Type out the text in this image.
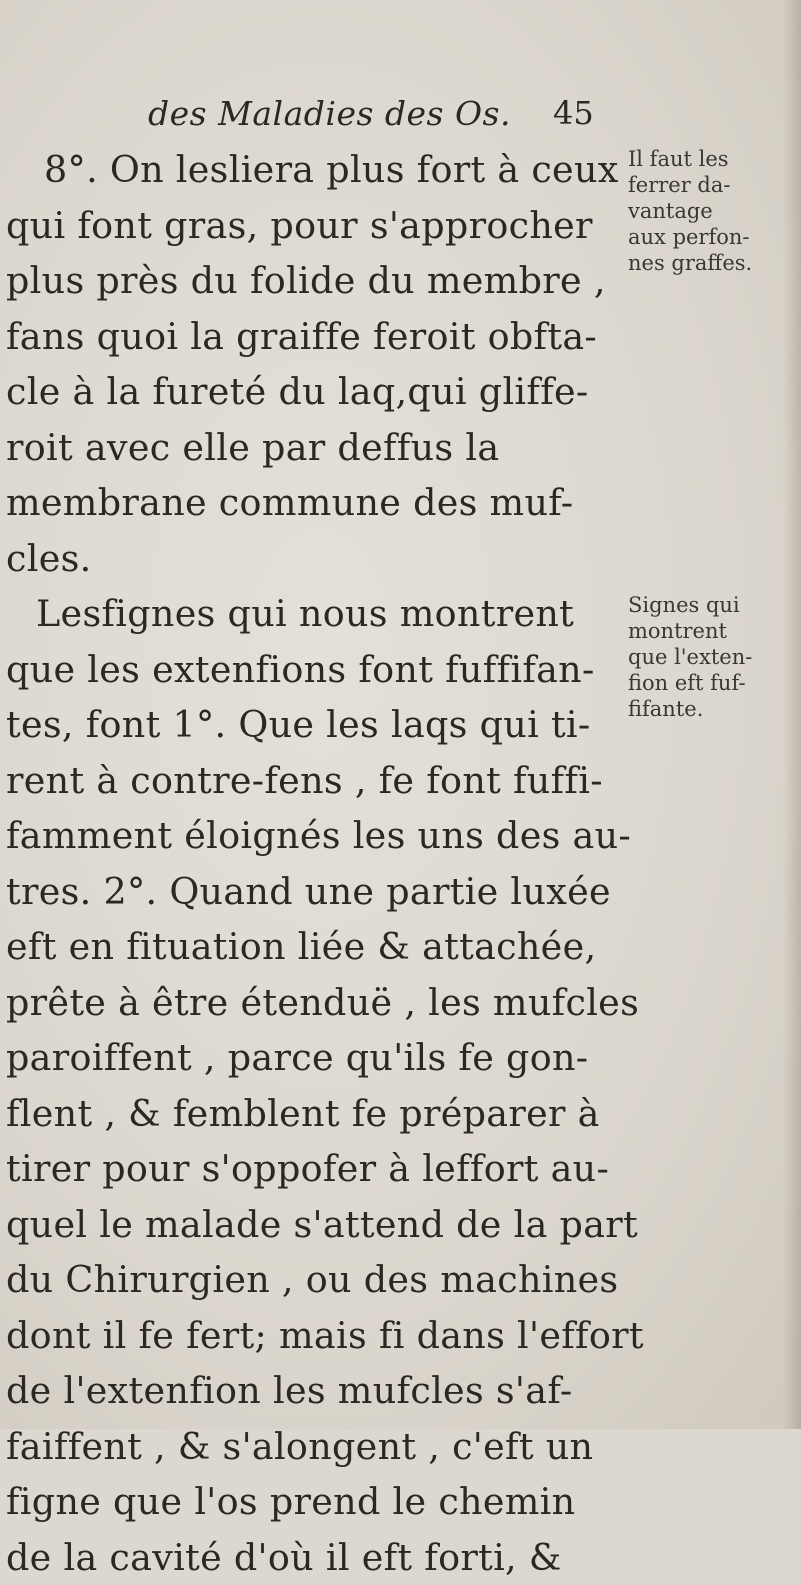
des Maladies des Os. 45
8°. On lesliera plus fort à ceux
qui font gras, pour s'approcher
plus près du folide du membre ,
fans quoi la graiffe feroit obfta-
cle à la fureté du laq,qui gliffe-
roit avec elle par deffus la
membrane commune des muf-
cles.
Lesfignes qui nous montrent
que les extenfions font fuffifan-
tes, font 1°. Que les laqs qui ti-
rent à contre-fens , fe font fuffi-
famment éloignés les uns des au-
tres. 2°. Quand une partie luxée
eft en fituation liée & attachée,
prête à être étenduë , les mufcles
paroiffent , parce qu'ils fe gon-
flent , & femblent fe préparer à
tirer pour s'oppofer à leffort au-
quel le malade s'attend de la part
du Chirurgien , ou des machines
dont il fe fert; mais fi dans l'effort
de l'extenfion les mufcles s'af-
faiffent , & s'alongent , c'eft un
figne que l'os prend le chemin
de la cavité d'où il eft forti, &
Il faut les
ferrer da-
vantage
aux perfon-
nes graffes.
Signes qui
montrent
que l'exten-
fion eft fuf-
fifante.
